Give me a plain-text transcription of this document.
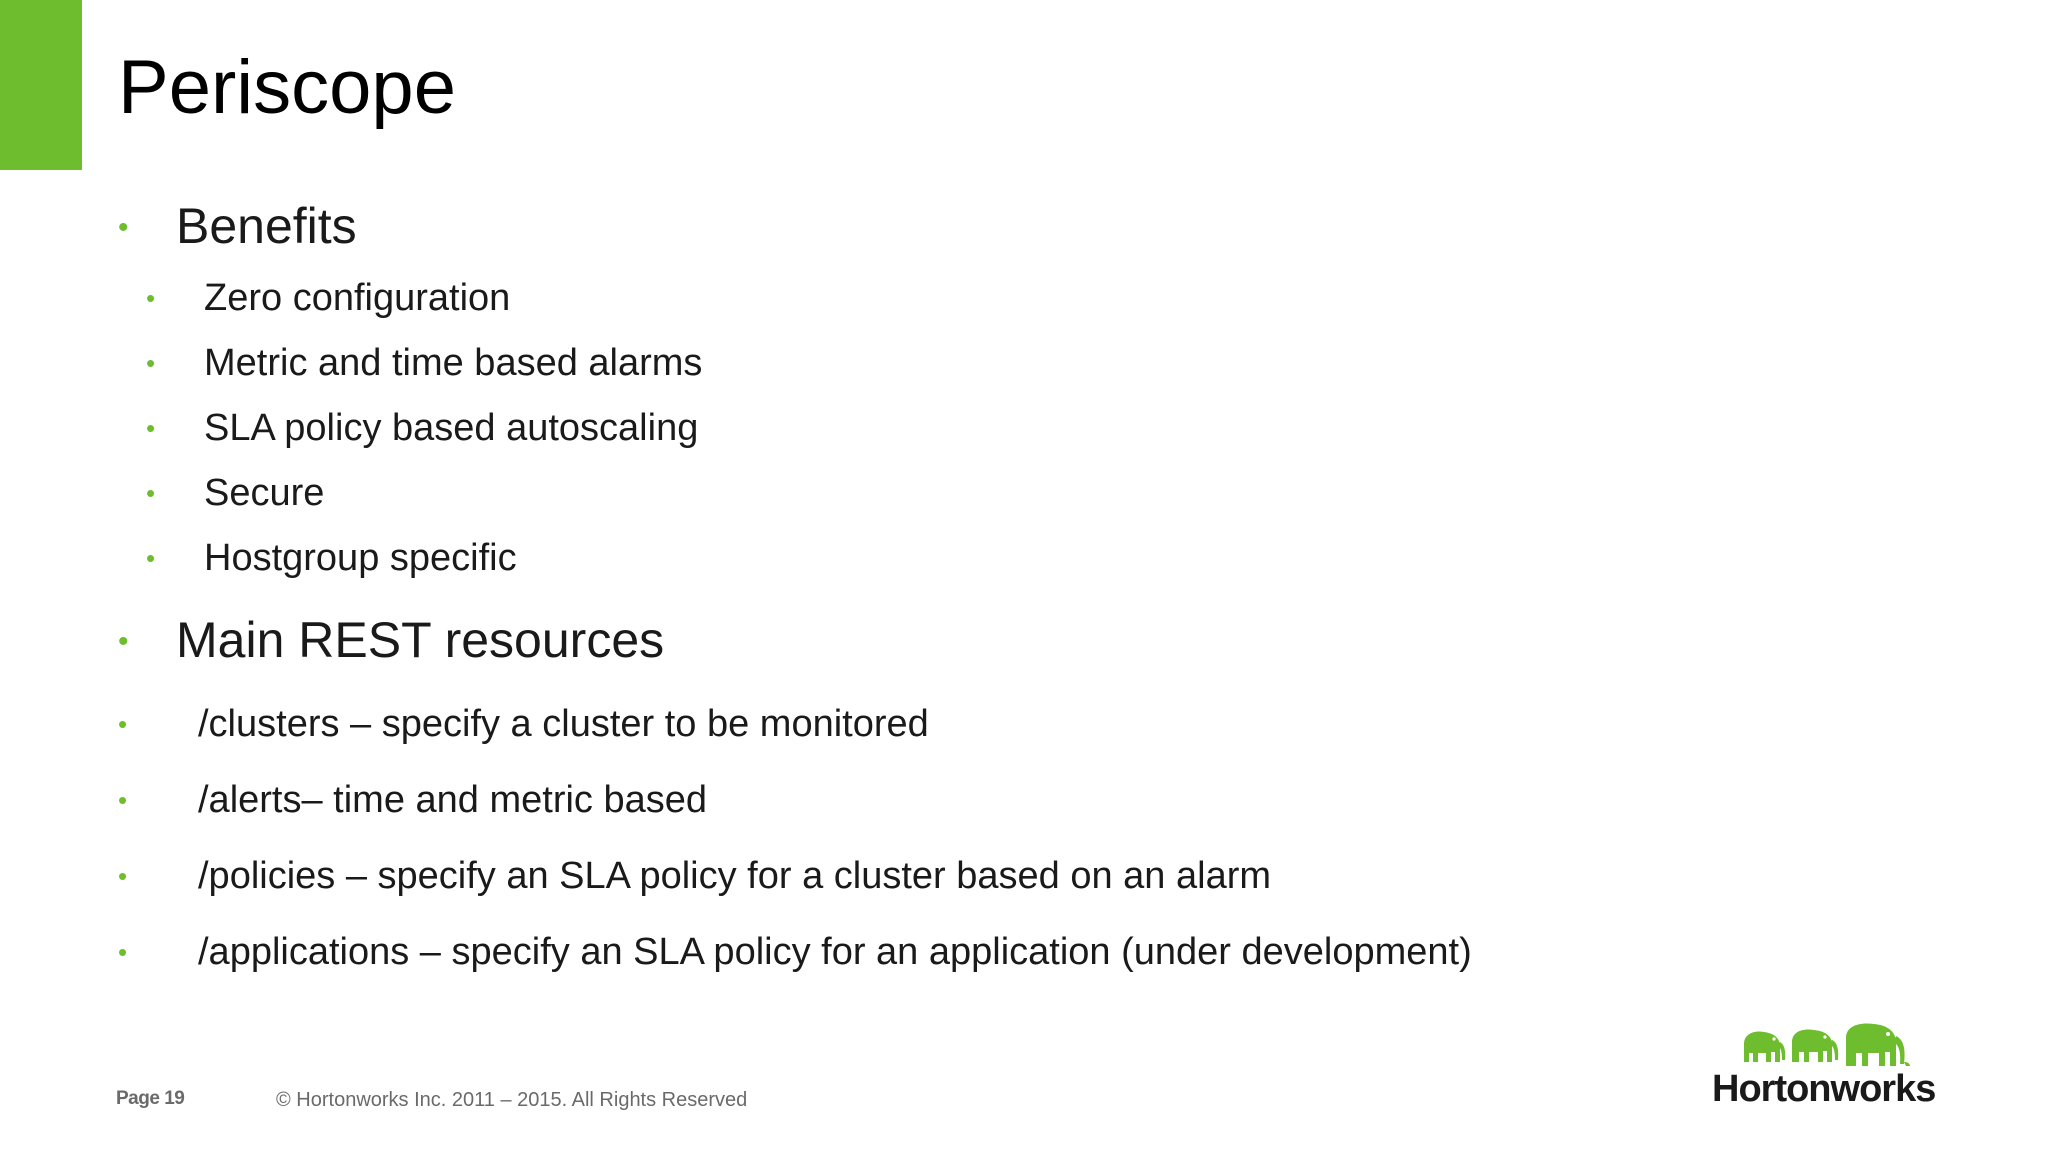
Periscope
• Benefits
• Zero configuration
• Metric and time based alarms
• SLA policy based autoscaling
• Secure
• Hostgroup specific
• Main REST resources
• /clusters – specify a cluster to be monitored
• /alerts– time and metric based
• /policies – specify an SLA policy for a cluster based on an alarm
• /applications – specify an SLA policy for an application (under development)
Page 19	© Hortonworks Inc. 2011 – 2015. All Rights Reserved	Hortonworks
